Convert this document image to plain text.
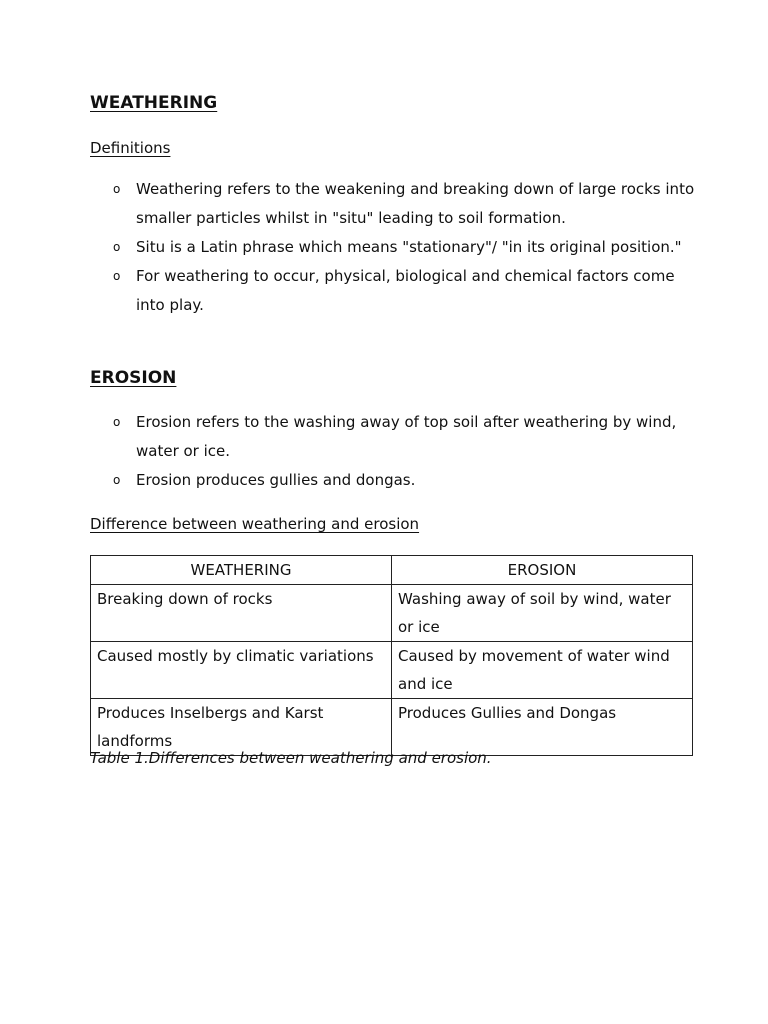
WEATHERING

Definitions

o Weathering refers to the weakening and breaking down of large rocks into smaller particles whilst in "situ" leading to soil formation.
o Situ is a Latin phrase which means "stationary"/ "in its original position."
o For weathering to occur, physical, biological and chemical factors come into play.
EROSION
o Erosion refers to the washing away of top soil after weathering by wind, water or ice.
o Erosion produces gullies and dongas.

Difference between weathering and erosion

WEATHERING	EROSION
Breaking down of rocks	Washing away of soil by wind, water or ice
Caused mostly by climatic variations	Caused by movement of water wind and ice
Produces Inselbergs and Karst landforms	Produces Gullies and Dongas

Table 1.Differences between weathering and erosion.
